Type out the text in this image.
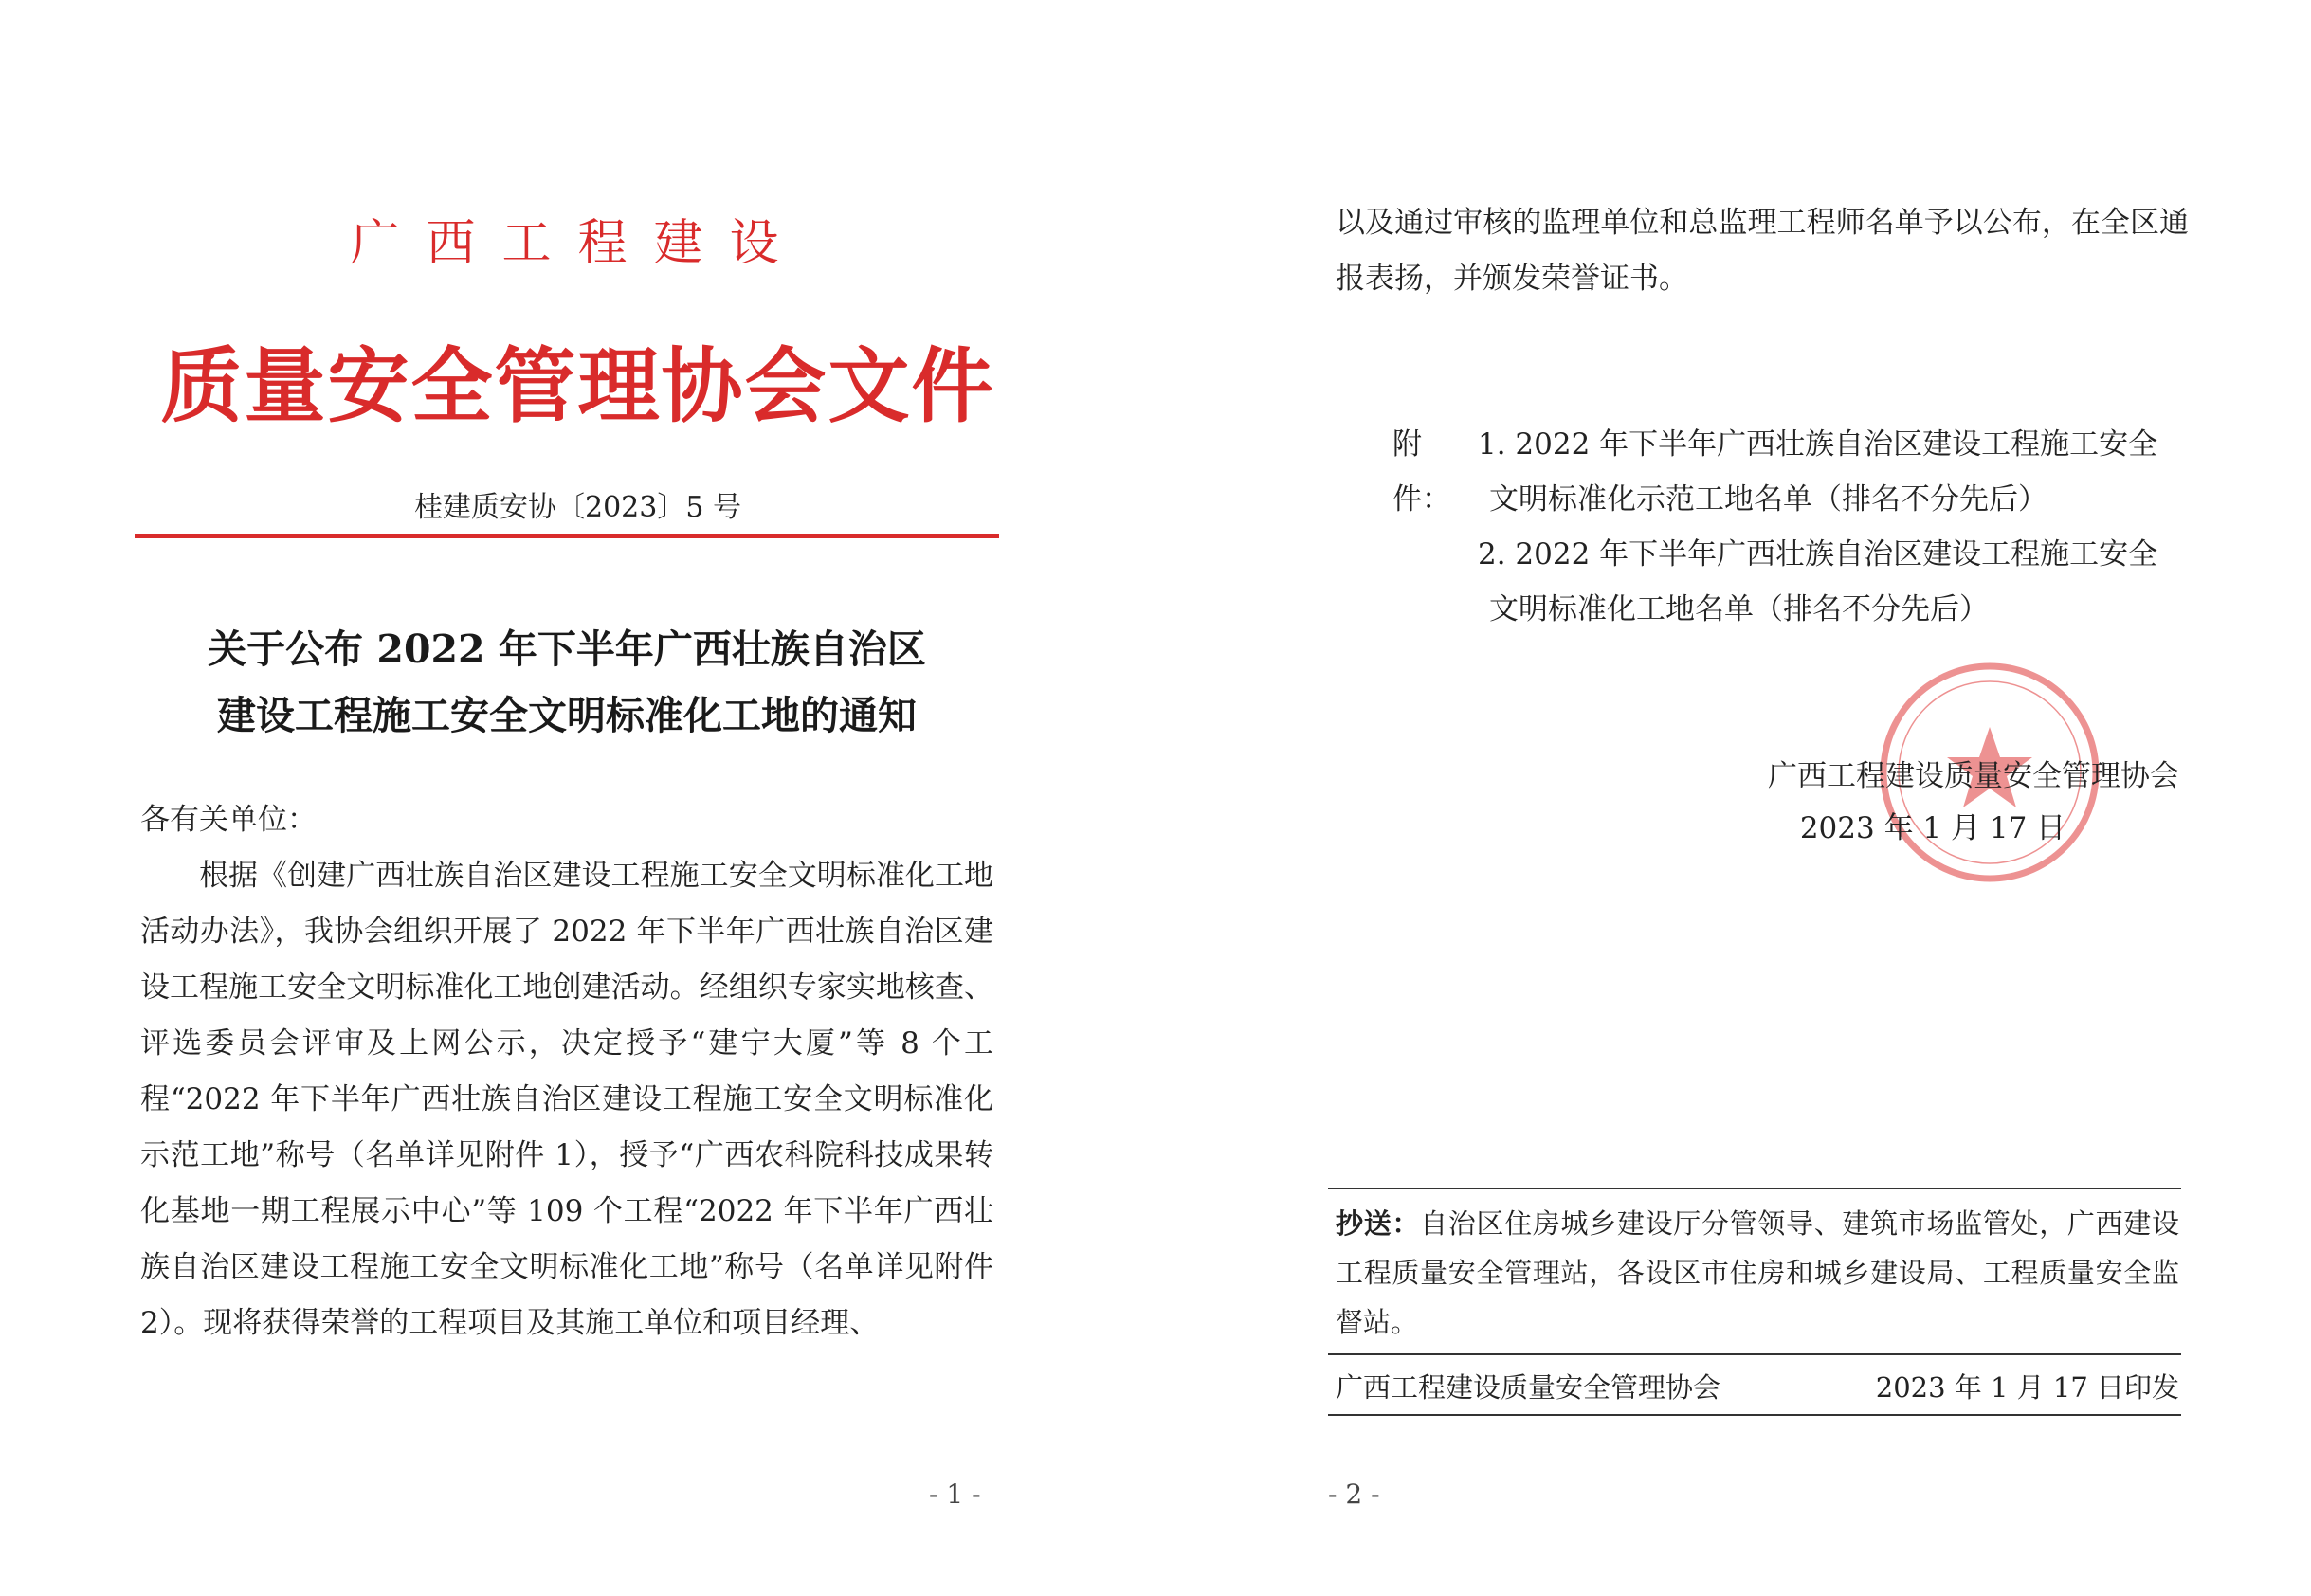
广西工程建设
质量安全管理协会文件
桂建质安协〔2023〕5 号
关于公布 2022 年下半年广西壮族自治区
建设工程施工安全文明标准化工地的通知
各有关单位：
根据《创建广西壮族自治区建设工程施工安全文明标准化工地活动办法》，我协会组织开展了 2022 年下半年广西壮族自治区建设工程施工安全文明标准化工地创建活动。经组织专家实地核查、评选委员会评审及上网公示，决定授予“建宁大厦”等 8 个工程“2022 年下半年广西壮族自治区建设工程施工安全文明标准化示范工地”称号（名单详见附件 1），授予“广西农科院科技成果转化基地一期工程展示中心”等 109 个工程“2022 年下半年广西壮族自治区建设工程施工安全文明标准化工地”称号（名单详见附件 2）。现将获得荣誉的工程项目及其施工单位和项目经理、
- 1 -
以及通过审核的监理单位和总监理工程师名单予以公布，在全区通报表扬，并颁发荣誉证书。
附件：
1. 2022 年下半年广西壮族自治区建设工程施工安全
文明标准化示范工地名单（排名不分先后）
2. 2022 年下半年广西壮族自治区建设工程施工安全
文明标准化工地名单（排名不分先后）
广西工程建设质量安全管理协会
2023 年 1 月 17 日
抄送：自治区住房城乡建设厅分管领导、建筑市场监管处，广西建设工程质量安全管理站，各设区市住房和城乡建设局、工程质量安全监督站。
广西工程建设质量安全管理协会	2023 年 1 月 17 日印发
- 2 -
